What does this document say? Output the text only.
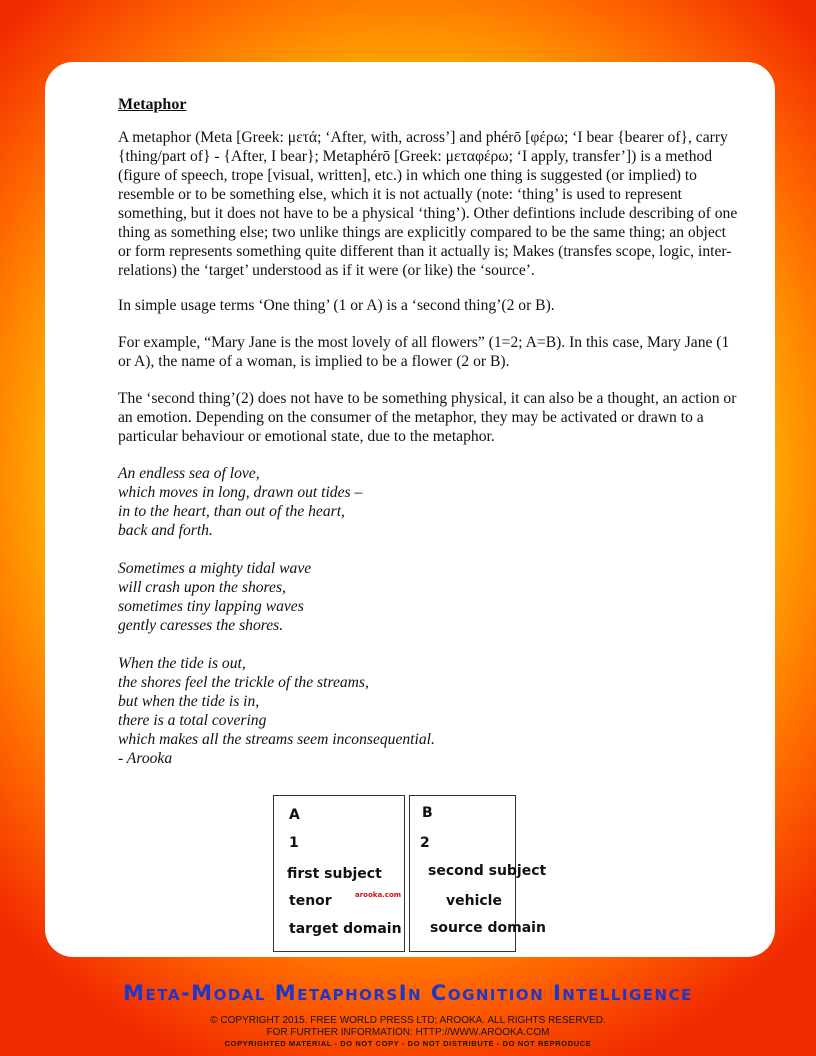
Metaphor

A metaphor (Meta [Greek: μετά; ‘After, with, across’] and phérō [φέρω; ‘I bear {bearer of}, carry {thing/part of} - {After, I bear}; Metaphérō [Greek: μεταφέρω; ‘I apply, transfer’]) is a method (figure of speech, trope [visual, written], etc.) in which one thing is suggested (or implied) to resemble or to be something else, which it is not actually (note: ‘thing’ is used to represent something, but it does not have to be a physical ‘thing’). Other defintions include describing of one thing as something else; two unlike things are explicitly compared to be the same thing; an object or form represents something quite different than it actually is; Makes (transfes scope, logic, inter-relations) the ‘target’ understood as if it were (or like) the ‘source’.

In simple usage terms ‘One thing’ (1 or A) is a ‘second thing’(2 or B).

For example, “Mary Jane is the most lovely of all flowers” (1=2; A=B). In this case, Mary Jane (1 or A), the name of a woman, is implied to be a flower (2 or B).

The ‘second thing’(2) does not have to be something physical, it can also be a thought, an action or an emotion. Depending on the consumer of the metaphor, they may be activated or drawn to a particular behaviour or emotional state, due to the metaphor.

An endless sea of love,
which moves in long, drawn out tides –
in to the heart, than out of the heart,
back and forth.
Sometimes a mighty tidal wave
will crash upon the shores,
sometimes tiny lapping waves
gently caresses the shores.
When the tide is out,
the shores feel the trickle of the streams,
but when the tide is in,
there is a total covering
which makes all the streams seem inconsequential.
- Arooka
A
1
first subject
tenor
target domain
B
2
second subject
vehicle
source domain
arooka.com
Meta-Modal MetaphorsIn Cognition Intelligence
© COPYRIGHT 2015. FREE WORLD PRESS LTD; AROOKA. ALL RIGHTS RESERVED.
FOR FURTHER INFORMATION: HTTP://WWW.AROOKA.COM
COPYRIGHTED MATERIAL - DO NOT COPY - DO NOT DISTRIBUTE - DO NOT REPRODUCE
